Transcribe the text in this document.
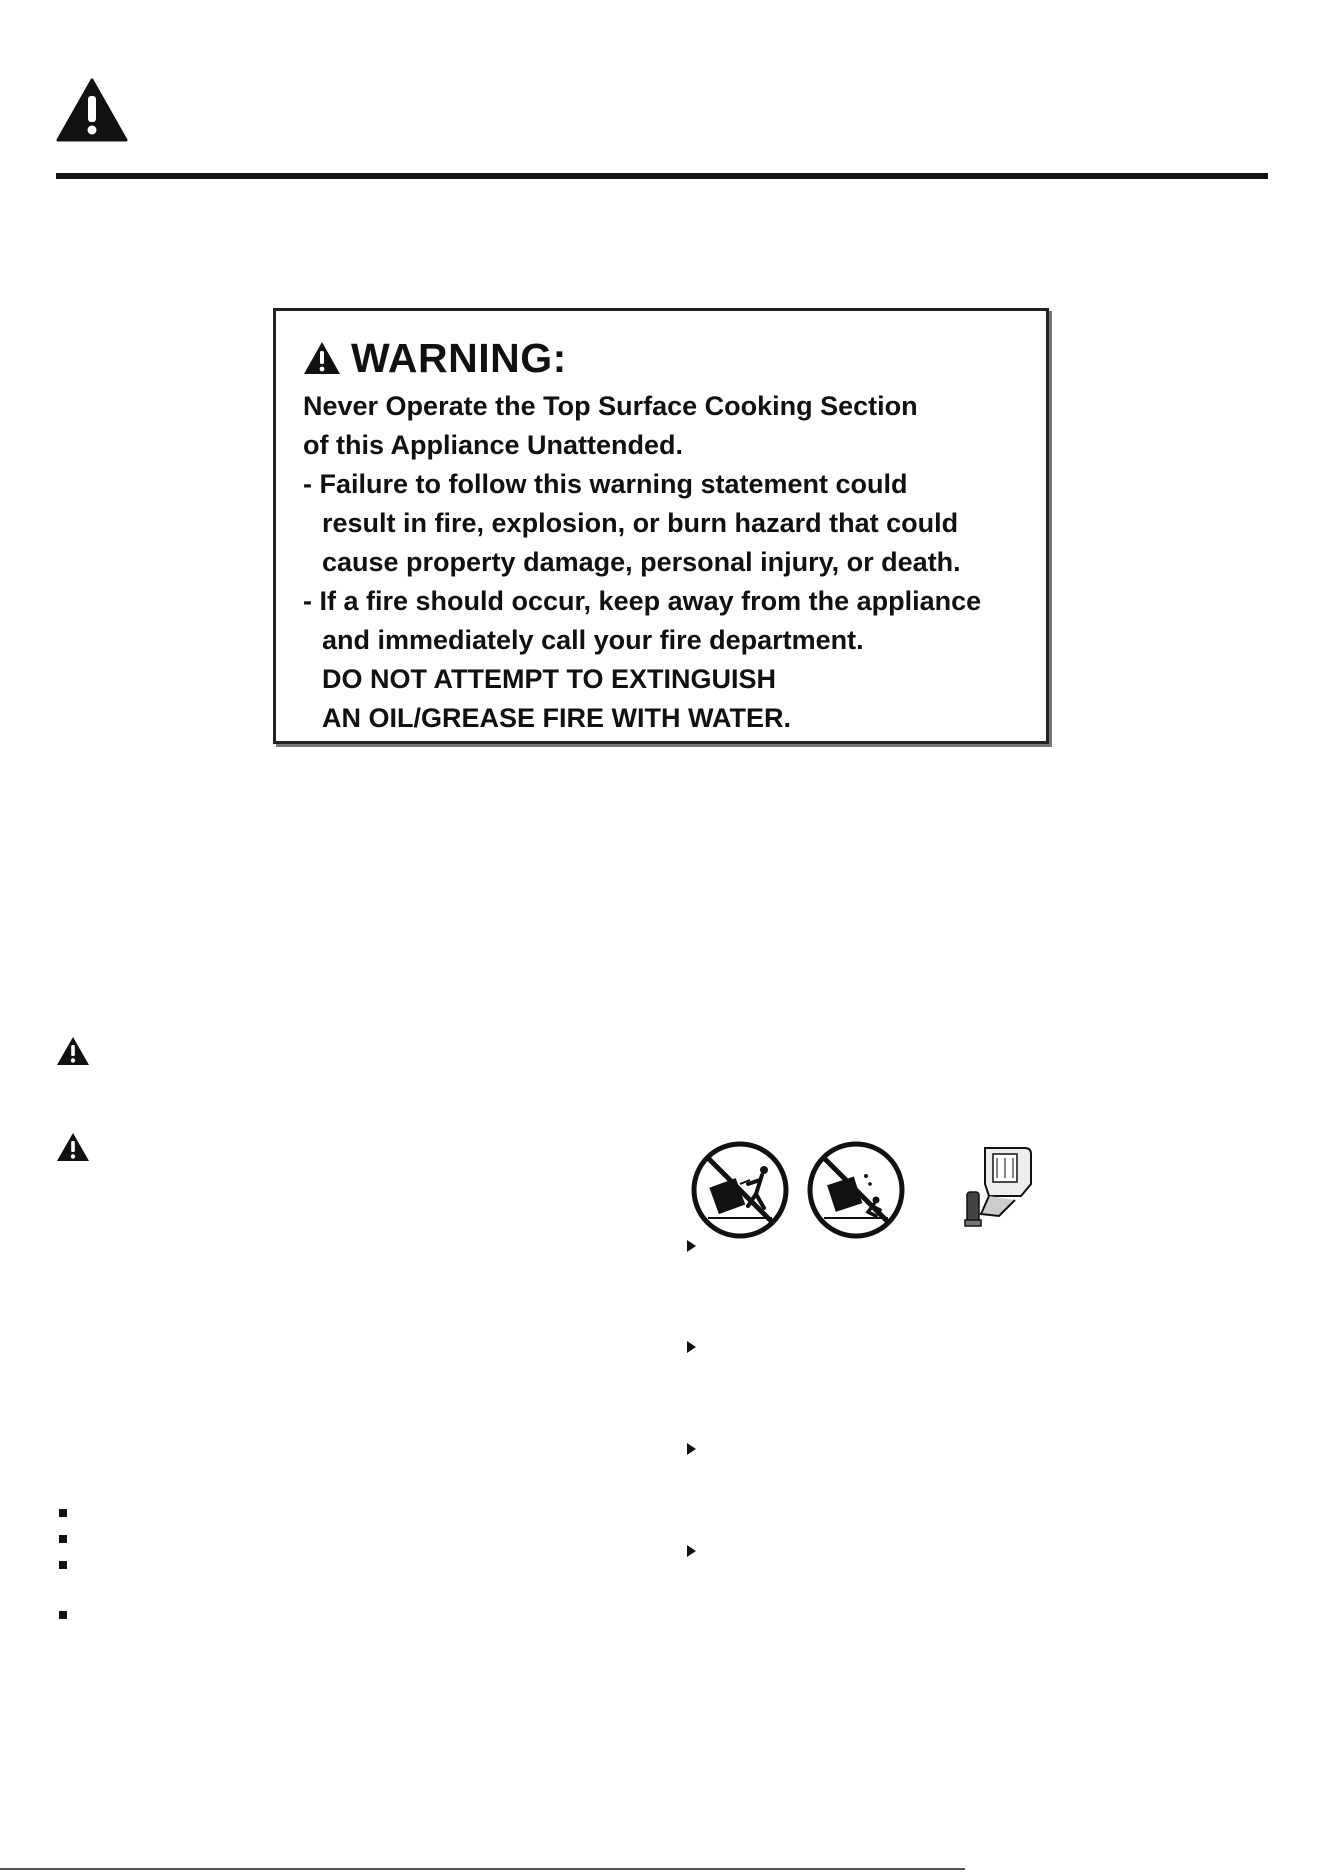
WARNING:
Never Operate the Top Surface Cooking Section
of this Appliance Unattended.
- Failure to follow this warning statement could
result in fire, explosion, or burn hazard that could
cause property damage, personal injury, or death.
- If a fire should occur, keep away from the appliance
and immediately call your fire department.
DO NOT ATTEMPT TO EXTINGUISH
AN OIL/GREASE FIRE WITH WATER.
